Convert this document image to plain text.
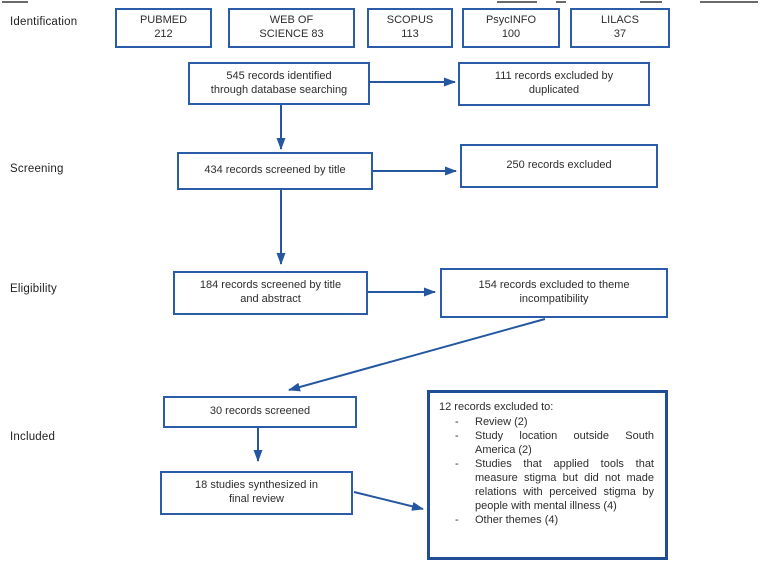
Identification
Screening
Eligibility
Included
PUBMED
212
WEB OF
SCIENCE 83
SCOPUS
113
PsycINFO
100
LILACS
37
545 records identified
through database searching
111 records excluded by
duplicated
434 records screened by title	250 records excluded
184 records screened by title
and abstract
154 records excluded to theme
incompatibility
30 records screened
18 studies synthesized in
final review
12 records excluded to:
-	Review (2)
-	Study location outside South America (2)
-	Studies that applied tools that measure stigma but did not made relations with perceived stigma by people with mental illness (4)
-	Other themes (4)
